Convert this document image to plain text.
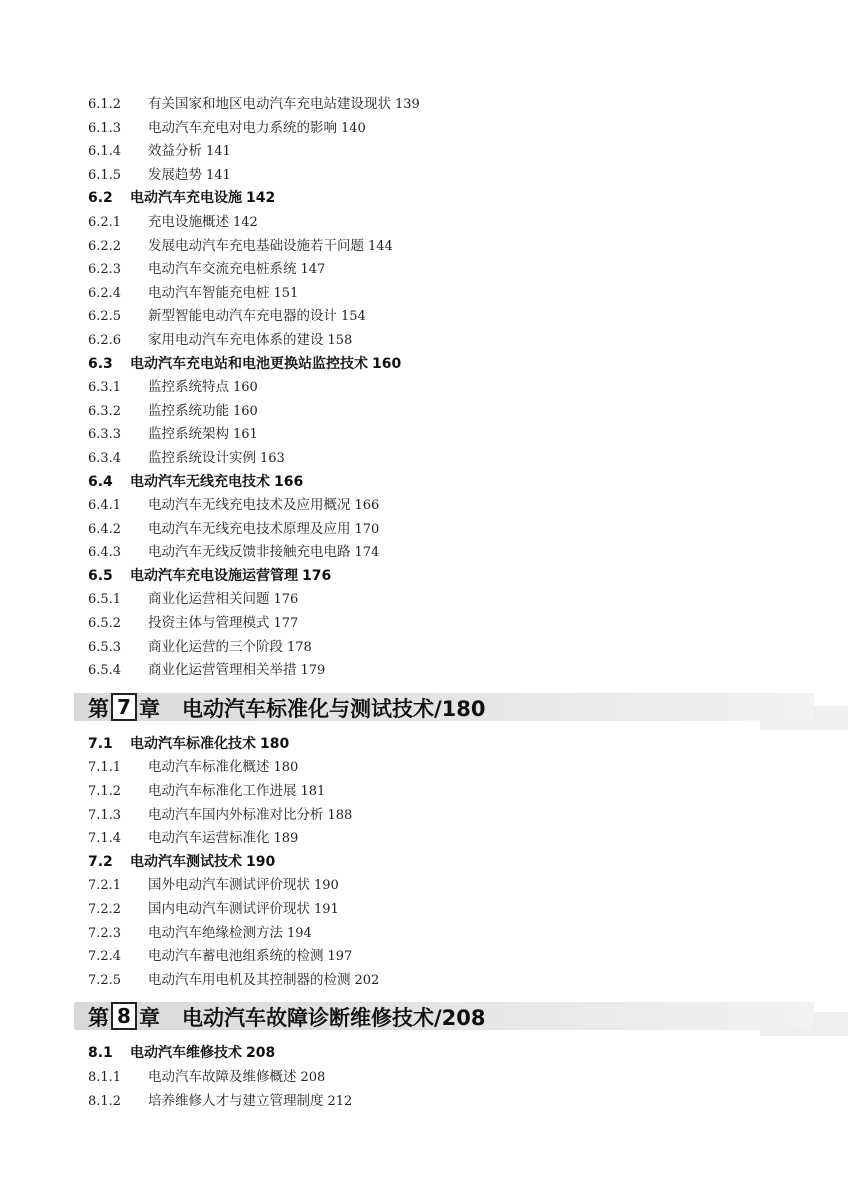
6.1.2 有关国家和地区电动汽车充电站建设现状 139
6.1.3 电动汽车充电对电力系统的影响 140
6.1.4 效益分析 141
6.1.5 发展趋势 141
6.2 电动汽车充电设施 142
6.2.1 充电设施概述 142
6.2.2 发展电动汽车充电基础设施若干问题 144
6.2.3 电动汽车交流充电桩系统 147
6.2.4 电动汽车智能充电桩 151
6.2.5 新型智能电动汽车充电器的设计 154
6.2.6 家用电动汽车充电体系的建设 158
6.3 电动汽车充电站和电池更换站监控技术 160
6.3.1 监控系统特点 160
6.3.2 监控系统功能 160
6.3.3 监控系统架构 161
6.3.4 监控系统设计实例 163
6.4 电动汽车无线充电技术 166
6.4.1 电动汽车无线充电技术及应用概况 166
6.4.2 电动汽车无线充电技术原理及应用 170
6.4.3 电动汽车无线反馈非接触充电电路 174
6.5 电动汽车充电设施运营管理 176
6.5.1 商业化运营相关问题 176
6.5.2 投资主体与管理模式 177
6.5.3 商业化运营的三个阶段 178
6.5.4 商业化运营管理相关举措 179
第 7 章 电动汽车标准化与测试技术/180
7.1 电动汽车标准化技术 180
7.1.1 电动汽车标准化概述 180
7.1.2 电动汽车标准化工作进展 181
7.1.3 电动汽车国内外标准对比分析 188
7.1.4 电动汽车运营标准化 189
7.2 电动汽车测试技术 190
7.2.1 国外电动汽车测试评价现状 190
7.2.2 国内电动汽车测试评价现状 191
7.2.3 电动汽车绝缘检测方法 194
7.2.4 电动汽车蓄电池组系统的检测 197
7.2.5 电动汽车用电机及其控制器的检测 202
第 8 章 电动汽车故障诊断维修技术/208
8.1 电动汽车维修技术 208
8.1.1 电动汽车故障及维修概述 208
8.1.2 培养维修人才与建立管理制度 212
